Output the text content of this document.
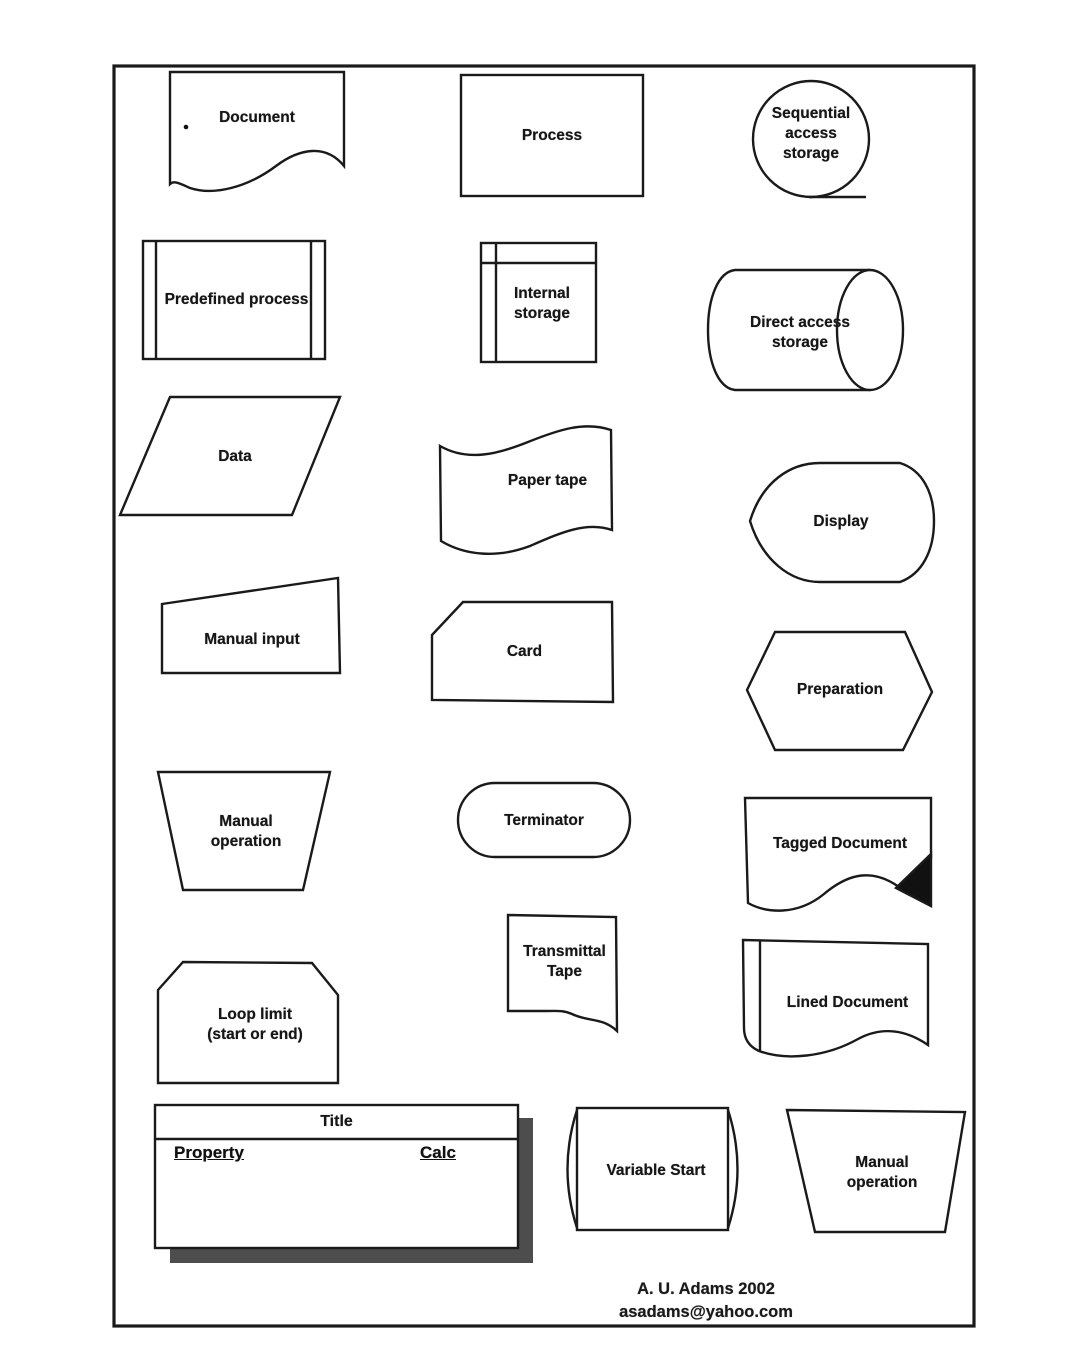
Document
Process
Sequential access storage
Predefined process	Internal storage
Direct access storage
Data
Paper tape
Display
Manual input
Card
Preparation
Manual operation
Terminator
Tagged Document
Transmittal Tape
Lined Document
Loop limit
(start or end)
Title
Property	Calc
Variable Start	Manual operation
A. U. Adams 2002
asadams@yahoo.com
